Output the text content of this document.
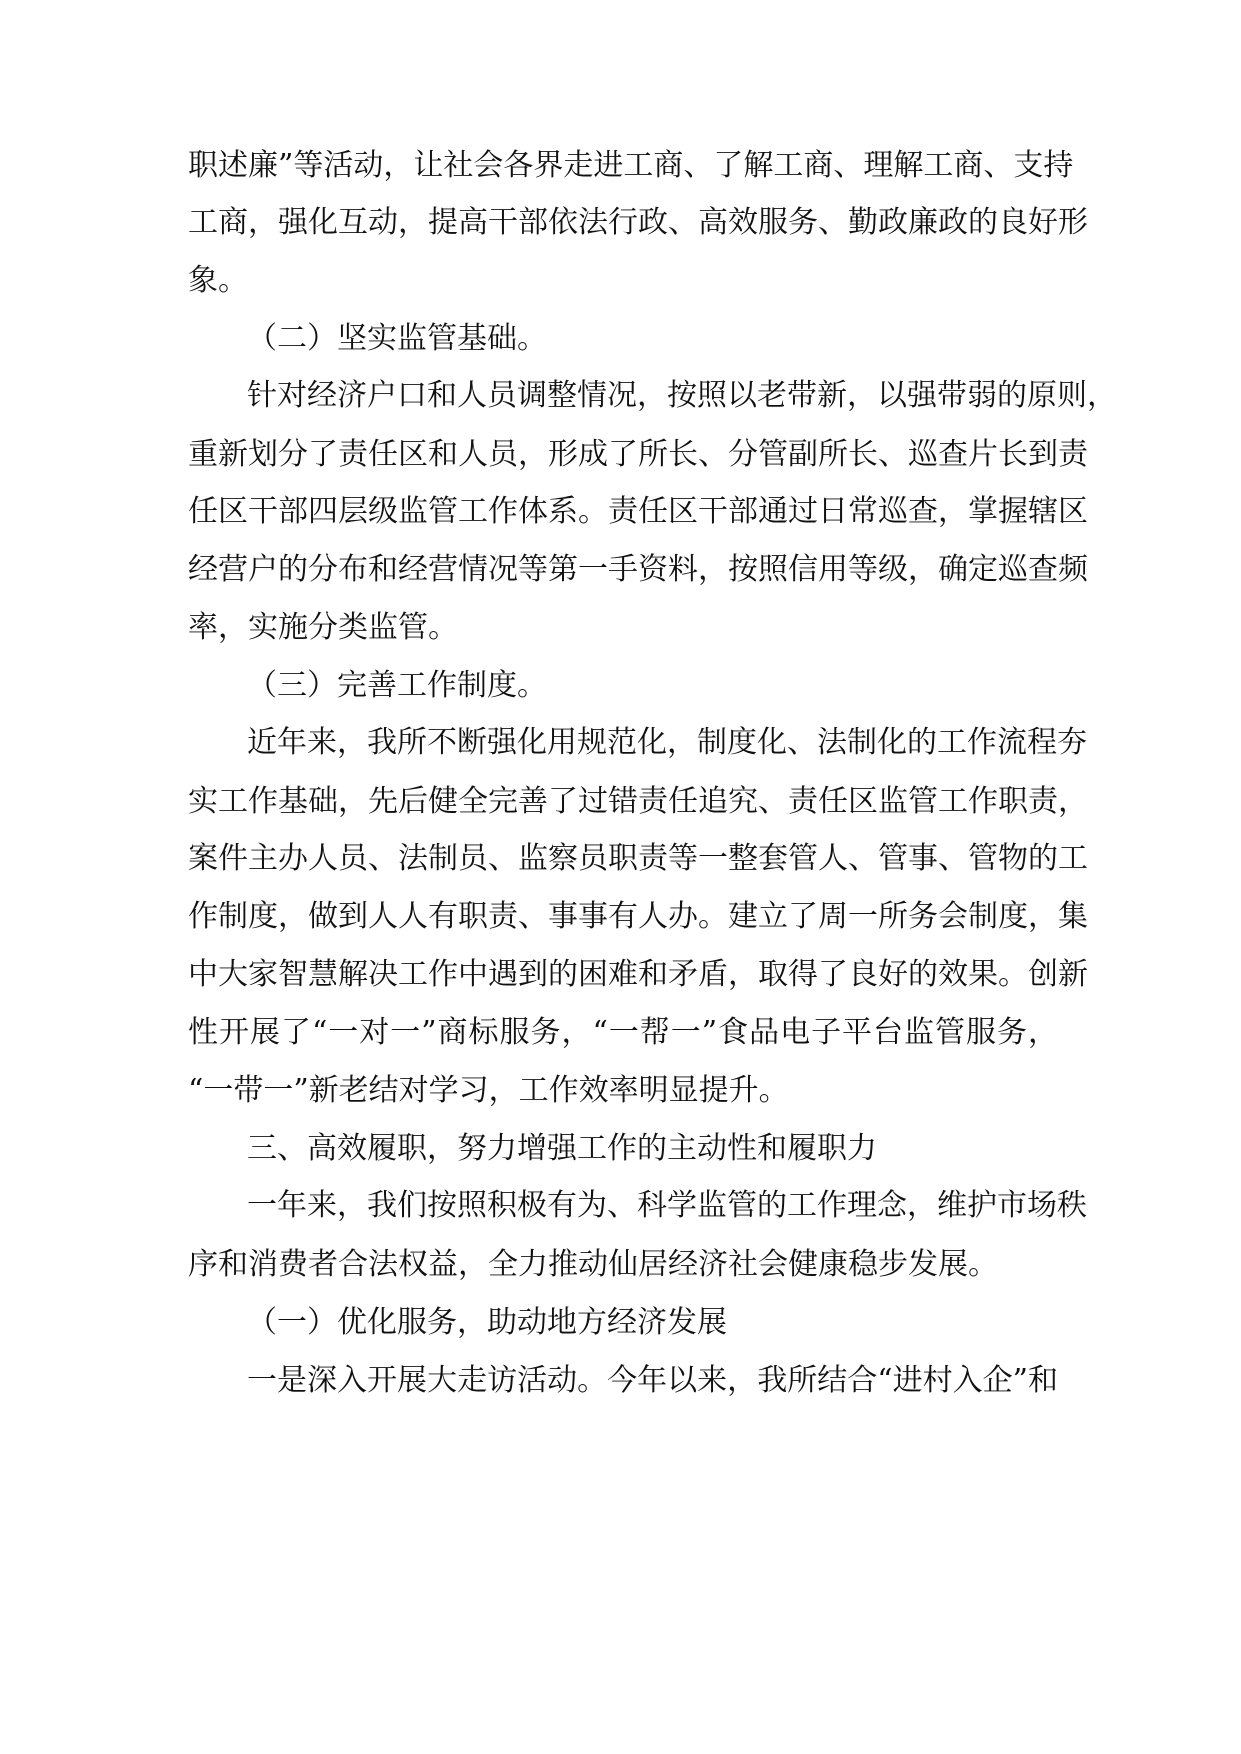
职述廉”等活动，让社会各界走进工商、了解工商、理解工商、支持
工商，强化互动，提高干部依法行政、高效服务、勤政廉政的良好形
象。
（二）坚实监管基础。
针对经济户口和人员调整情况，按照以老带新，以强带弱的原则，
重新划分了责任区和人员，形成了所长、分管副所长、巡查片长到责
任区干部四层级监管工作体系。责任区干部通过日常巡查，掌握辖区
经营户的分布和经营情况等第一手资料，按照信用等级，确定巡查频
率，实施分类监管。
（三）完善工作制度。
近年来，我所不断强化用规范化，制度化、法制化的工作流程夯
实工作基础，先后健全完善了过错责任追究、责任区监管工作职责，
案件主办人员、法制员、监察员职责等一整套管人、管事、管物的工
作制度，做到人人有职责、事事有人办。建立了周一所务会制度，集
中大家智慧解决工作中遇到的困难和矛盾，取得了良好的效果。创新
性开展了“一对一”商标服务，“一帮一”食品电子平台监管服务，
“一带一”新老结对学习，工作效率明显提升。
三、高效履职，努力增强工作的主动性和履职力
一年来，我们按照积极有为、科学监管的工作理念，维护市场秩
序和消费者合法权益，全力推动仙居经济社会健康稳步发展。
（一）优化服务，助动地方经济发展
一是深入开展大走访活动。今年以来，我所结合“进村入企”和
